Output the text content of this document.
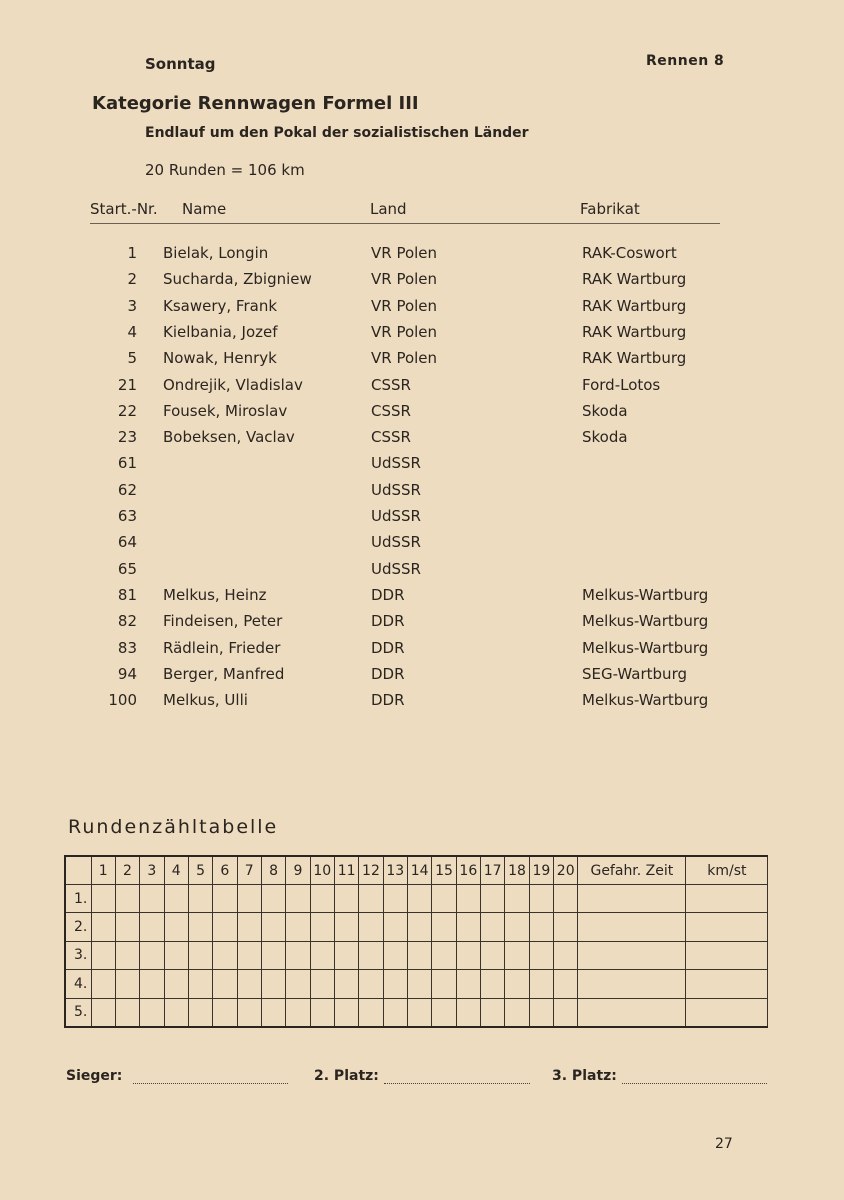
Sonntag	Rennen 8
Kategorie Rennwagen Formel III
Endlauf um den Pokal der sozialistischen Länder
20 Runden = 106 km
Start.-Nr. Name	Land	Fabrikat
1 Bielak, Longin	VR Polen	RAK-Coswort
2 Sucharda, Zbigniew	VR Polen	RAK Wartburg
3 Ksawery, Frank	VR Polen	RAK Wartburg
4 Kielbania, Jozef	VR Polen	RAK Wartburg
5 Nowak, Henryk	VR Polen	RAK Wartburg
21 Ondrejik, Vladislav	CSSR	Ford-Lotos
22 Fousek, Miroslav	CSSR	Skoda
23 Bobeksen, Vaclav	CSSR	Skoda
61	UdSSR
62	UdSSR
63	UdSSR
64	UdSSR
65	UdSSR
81 Melkus, Heinz	DDR	Melkus-Wartburg
82 Findeisen, Peter	DDR	Melkus-Wartburg
83 Rädlein, Frieder	DDR	Melkus-Wartburg
94 Berger, Manfred	DDR	SEG-Wartburg
100 Melkus, Ulli	DDR	Melkus-Wartburg
Rundenzähltabelle
	1	2	3	4	5	6	7	8	9	10	11	12	13	14	15	16	17	18	19	20	Gefahr. Zeit	km/st
1.																						
2.																						
3.																						
4.																						
5.																						
Sieger:	2. Platz:	3. Platz:
27
